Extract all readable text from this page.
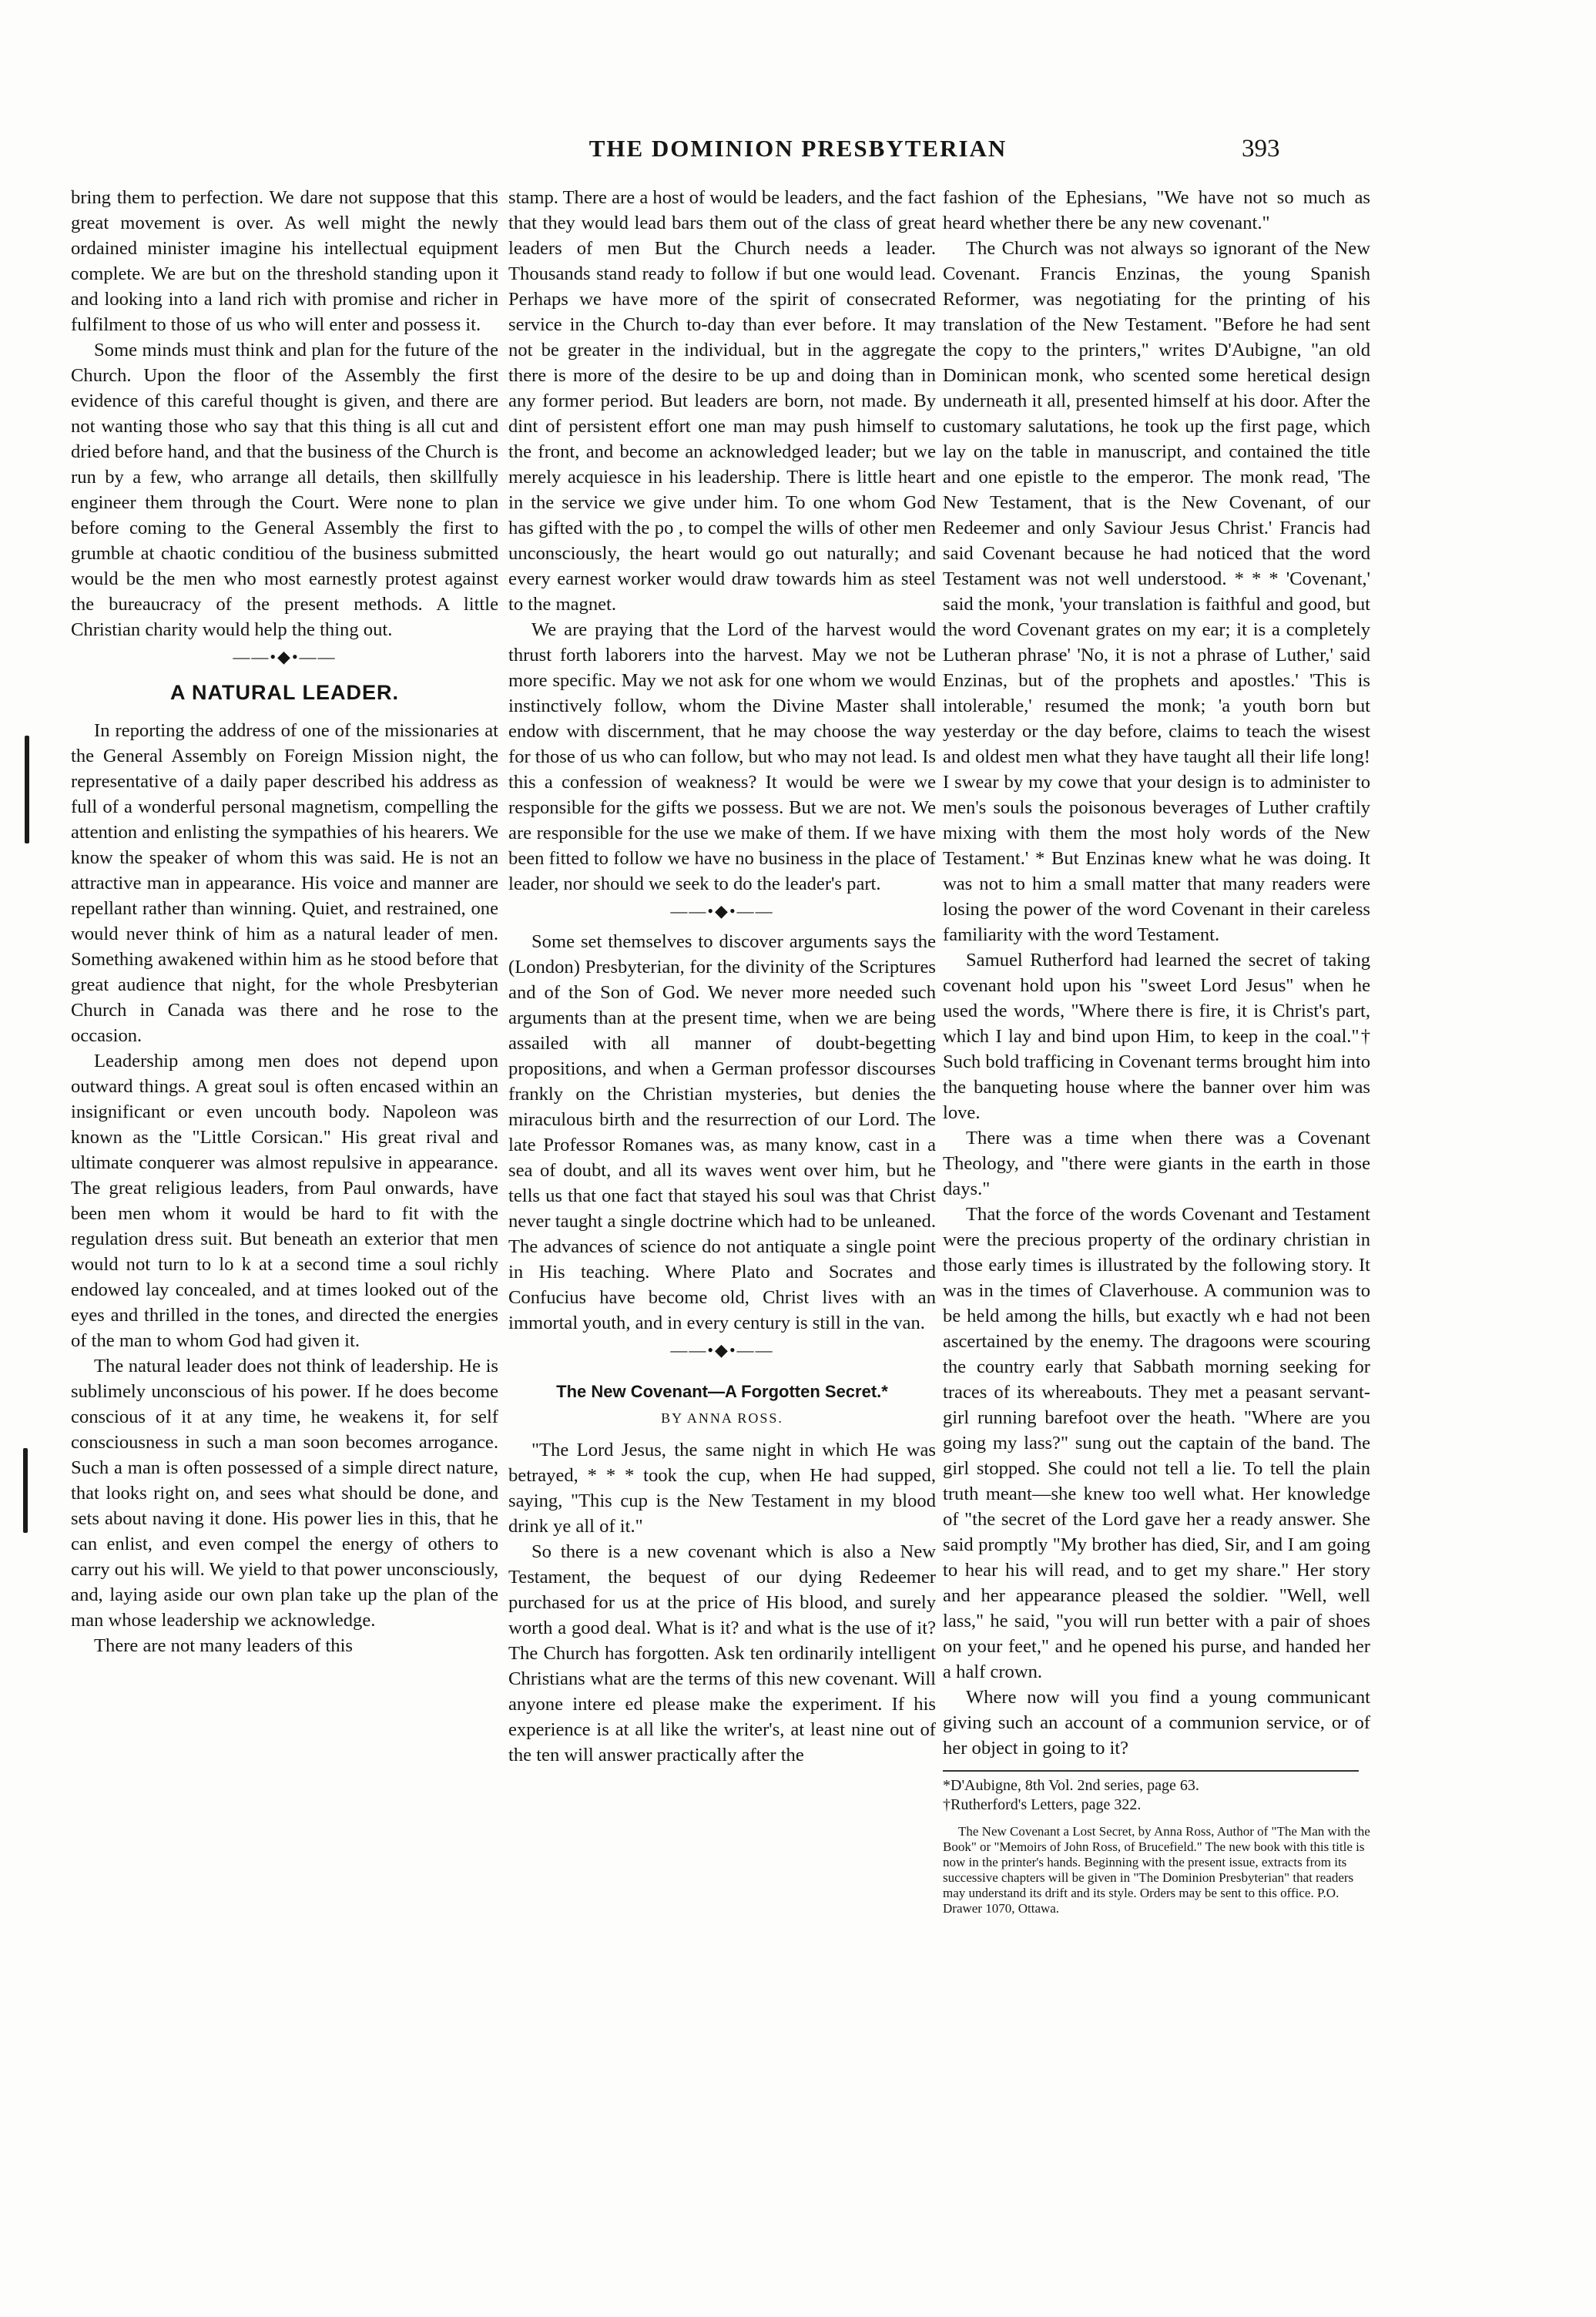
THE DOMINION PRESBYTERIAN	393

bring them to perfection. We dare not suppose that this great movement is over. As well might the newly ordained minister imagine his intellectual equipment complete. We are but on the threshold standing upon it and looking into a land rich with promise and richer in fulfilment to those of us who will enter and possess it.

Some minds must think and plan for the future of the Church. Upon the floor of the Assembly the first evidence of this careful thought is given, and there are not wanting those who say that this thing is all cut and dried before hand, and that the business of the Church is run by a few, who arrange all details, then skillfully engineer them through the Court. Were none to plan before coming to the General Assembly the first to grumble at chaotic conditiou of the business submitted would be the men who most earnestly protest against the bureaucracy of the present methods. A little Christian charity would help the thing out.

——•◆•——
A NATURAL LEADER.

In reporting the address of one of the missionaries at the General Assembly on Foreign Mission night, the representative of a daily paper described his address as full of a wonderful personal magnetism, compelling the attention and enlisting the sympathies of his hearers. We know the speaker of whom this was said. He is not an attractive man in appearance. His voice and manner are repellant rather than winning. Quiet, and restrained, one would never think of him as a natural leader of men. Something awakened within him as he stood before that great audience that night, for the whole Presbyterian Church in Canada was there and he rose to the occasion.

Leadership among men does not depend upon outward things. A great soul is often encased within an insignificant or even uncouth body. Napoleon was known as the "Little Corsican." His great rival and ultimate conquerer was almost repulsive in appearance. The great religious leaders, from Paul onwards, have been men whom it would be hard to fit with the regulation dress suit. But beneath an exterior that men would not turn to lo k at a second time a soul richly endowed lay concealed, and at times looked out of the eyes and thrilled in the tones, and directed the energies of the man to whom God had given it.

The natural leader does not think of leadership. He is sublimely unconscious of his power. If he does become conscious of it at any time, he weakens it, for self consciousness in such a man soon becomes arrogance. Such a man is often possessed of a simple direct nature, that looks right on, and sees what should be done, and sets about naving it done. His power lies in this, that he can enlist, and even compel the energy of others to carry out his will. We yield to that power unconsciously, and, laying aside our own plan take up the plan of the man whose leadership we acknowledge.

There are not many leaders of this

stamp. There are a host of would be leaders, and the fact that they would lead bars them out of the class of great leaders of men But the Church needs a leader. Thousands stand ready to follow if but one would lead. Perhaps we have more of the spirit of consecrated service in the Church to-day than ever before. It may not be greater in the individual, but in the aggregate there is more of the desire to be up and doing than in any former period. But leaders are born, not made. By dint of persistent effort one man may push himself to the front, and become an acknowledged leader; but we merely acquiesce in his leadership. There is little heart in the service we give under him. To one whom God has gifted with the po , to compel the wills of other men unconsciously, the heart would go out naturally; and every earnest worker would draw towards him as steel to the magnet.

We are praying that the Lord of the harvest would thrust forth laborers into the harvest. May we not be more specific. May we not ask for one whom we would instinctively follow, whom the Divine Master shall endow with discernment, that he may choose the way for those of us who can follow, but who may not lead. Is this a confession of weakness? It would be were we responsible for the gifts we possess. But we are not. We are responsible for the use we make of them. If we have been fitted to follow we have no business in the place of leader, nor should we seek to do the leader's part.

——•◆•——

Some set themselves to discover arguments says the (London) Presbyterian, for the divinity of the Scriptures and of the Son of God. We never more needed such arguments than at the present time, when we are being assailed with all manner of doubt-begetting propositions, and when a German professor discourses frankly on the Christian mysteries, but denies the miraculous birth and the resurrection of our Lord. The late Professor Romanes was, as many know, cast in a sea of doubt, and all its waves went over him, but he tells us that one fact that stayed his soul was that Christ never taught a single doctrine which had to be unleaned. The advances of science do not antiquate a single point in His teaching. Where Plato and Socrates and Confucius have become old, Christ lives with an immortal youth, and in every century is still in the van.

——•◆•——
The New Covenant—A Forgotten Secret.*
BY ANNA ROSS.

"The Lord Jesus, the same night in which He was betrayed, * * * took the cup, when He had supped, saying, "This cup is the New Testament in my blood drink ye all of it."

So there is a new covenant which is also a New Testament, the bequest of our dying Redeemer purchased for us at the price of His blood, and surely worth a good deal. What is it? and what is the use of it? The Church has forgotten. Ask ten ordinarily intelligent Christians what are the terms of this new covenant. Will anyone intere ed please make the experiment. If his experience is at all like the writer's, at least nine out of the ten will answer practically after the

fashion of the Ephesians, "We have not so much as heard whether there be any new covenant."

The Church was not always so ignorant of the New Covenant. Francis Enzinas, the young Spanish Reformer, was negotiating for the printing of his translation of the New Testament. "Before he had sent the copy to the printers," writes D'Aubigne, "an old Dominican monk, who scented some heretical design underneath it all, presented himself at his door. After the customary salutations, he took up the first page, which lay on the table in manuscript, and contained the title and one epistle to the emperor. The monk read, 'The New Testament, that is the New Covenant, of our Redeemer and only Saviour Jesus Christ.' Francis had said Covenant because he had noticed that the word Testament was not well understood. * * * 'Covenant,' said the monk, 'your translation is faithful and good, but the word Covenant grates on my ear; it is a completely Lutheran phrase' 'No, it is not a phrase of Luther,' said Enzinas, but of the prophets and apostles.' 'This is intolerable,' resumed the monk; 'a youth born but yesterday or the day before, claims to teach the wisest and oldest men what they have taught all their life long! I swear by my cowe that your design is to administer to men's souls the poisonous beverages of Luther craftily mixing with them the most holy words of the New Testament.' * But Enzinas knew what he was doing. It was not to him a small matter that many readers were losing the power of the word Covenant in their careless familiarity with the word Testament.

Samuel Rutherford had learned the secret of taking covenant hold upon his "sweet Lord Jesus" when he used the words, "Where there is fire, it is Christ's part, which I lay and bind upon Him, to keep in the coal."† Such bold trafficing in Covenant terms brought him into the banqueting house where the banner over him was love.

There was a time when there was a Covenant Theology, and "there were giants in the earth in those days."

That the force of the words Covenant and Testament were the precious property of the ordinary christian in those early times is illustrated by the following story. It was in the times of Claverhouse. A communion was to be held among the hills, but exactly wh e had not been ascertained by the enemy. The dragoons were scouring the country early that Sabbath morning seeking for traces of its whereabouts. They met a peasant servant-girl running barefoot over the heath. "Where are you going my lass?" sung out the captain of the band. The girl stopped. She could not tell a lie. To tell the plain truth meant—she knew too well what. Her knowledge of "the secret of the Lord gave her a ready answer. She said promptly "My brother has died, Sir, and I am going to hear his will read, and to get my share." Her story and her appearance pleased the soldier. "Well, well lass," he said, "you will run better with a pair of shoes on your feet," and he opened his purse, and handed her a half crown.

Where now will you find a young communicant giving such an account of a communion service, or of her object in going to it?

*D'Aubigne, 8th Vol. 2nd series, page 63.

†Rutherford's Letters, page 322.

The New Covenant a Lost Secret, by Anna Ross, Author of "The Man with the Book" or "Memoirs of John Ross, of Brucefield." The new book with this title is now in the printer's hands. Beginning with the present issue, extracts from its successive chapters will be given in "The Dominion Presbyterian" that readers may understand its drift and its style. Orders may be sent to this office. P.O. Drawer 1070, Ottawa.
